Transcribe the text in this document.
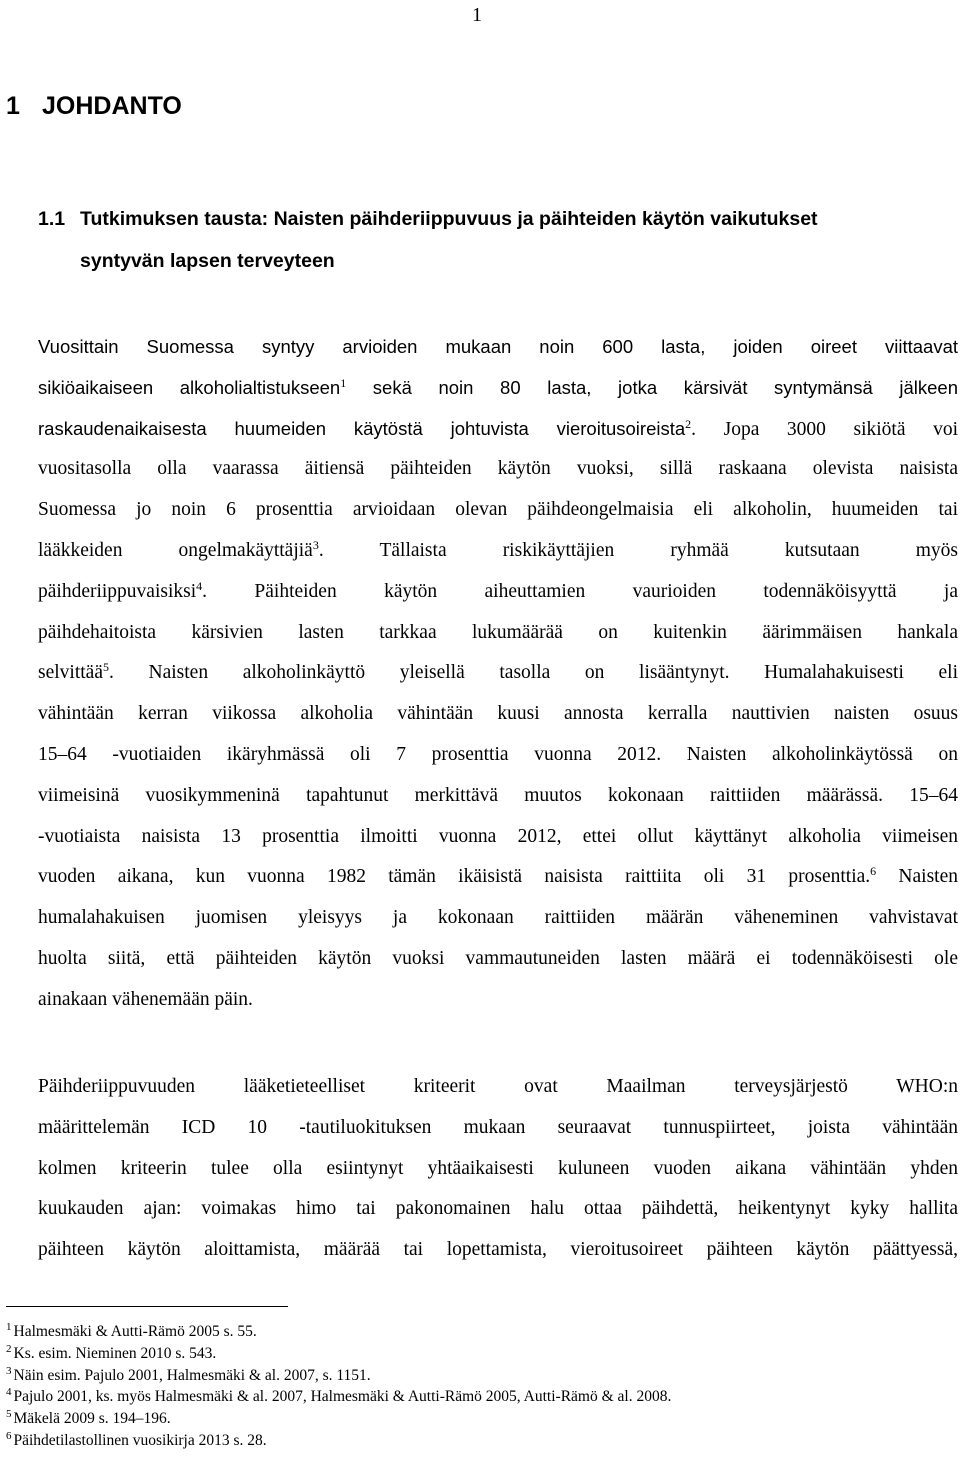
1
1 JOHDANTO
1.1 Tutkimuksen tausta: Naisten päihderiippuvuus ja päihteiden käytön vaikutukset
syntyvän lapsen terveyteen
Vuosittain Suomessa syntyy arvioiden mukaan noin 600 lasta, joiden oireet viittaavat
sikiöaikaiseen alkoholialtistukseen$^1$ sekä noin 80 lasta, jotka kärsivät syntymänsä jälkeen
raskaudenaikaisesta huumeiden käytöstä johtuvista vieroitusoireista$^2$. Jopa 3000 sikiötä voi
vuositasolla olla vaarassa äitiensä päihteiden käytön vuoksi, sillä raskaana olevista naisista
Suomessa jo noin 6 prosenttia arvioidaan olevan päihdeongelmaisia eli alkoholin, huumeiden tai
lääkkeiden ongelmakäyttäjiä$^3$. Tällaista riskikäyttäjien ryhmää kutsutaan myös
päihderiippuvaisiksi$^4$. Päihteiden käytön aiheuttamien vaurioiden todennäköisyyttä ja
päihdehaitoista kärsivien lasten tarkkaa lukumäärää on kuitenkin äärimmäisen hankala
selvittää$^5$. Naisten alkoholinkäyttö yleisellä tasolla on lisääntynyt. Humalahakuisesti eli
vähintään kerran viikossa alkoholia vähintään kuusi annosta kerralla nauttivien naisten osuus
15–64 -vuotiaiden ikäryhmässä oli 7 prosenttia vuonna 2012. Naisten alkoholinkäytössä on
viimeisinä vuosikymmeninä tapahtunut merkittävä muutos kokonaan raittiiden määrässä. 15–64
-vuotiaista naisista 13 prosenttia ilmoitti vuonna 2012, ettei ollut käyttänyt alkoholia viimeisen
vuoden aikana, kun vuonna 1982 tämän ikäisistä naisista raittiita oli 31 prosenttia.$^6$ Naisten
humalahakuisen juomisen yleisyys ja kokonaan raittiiden määrän väheneminen vahvistavat
huolta siitä, että päihteiden käytön vuoksi vammautuneiden lasten määrä ei todennäköisesti ole
ainakaan vähenemään päin.
Päihderiippuvuuden lääketieteelliset kriteerit ovat Maailman terveysjärjestö WHO:n
määrittelemän ICD 10 -tautiluokituksen mukaan seuraavat tunnuspiirteet, joista vähintään
kolmen kriteerin tulee olla esiintynyt yhtäaikaisesti kuluneen vuoden aikana vähintään yhden
kuukauden ajan: voimakas himo tai pakonomainen halu ottaa päihdettä, heikentynyt kyky hallita
päihteen käytön aloittamista, määrää tai lopettamista, vieroitusoireet päihteen käytön päättyessä,
$^1$ Halmesmäki & Autti-Rämö 2005 s. 55.
$^2$ Ks. esim. Nieminen 2010 s. 543.
$^3$ Näin esim. Pajulo 2001, Halmesmäki & al. 2007, s. 1151.
$^4$ Pajulo 2001, ks. myös Halmesmäki & al. 2007, Halmesmäki & Autti-Rämö 2005, Autti-Rämö & al. 2008.
$^5$ Mäkelä 2009 s. 194–196.
$^6$ Päihdetilastollinen vuosikirja 2013 s. 28.
